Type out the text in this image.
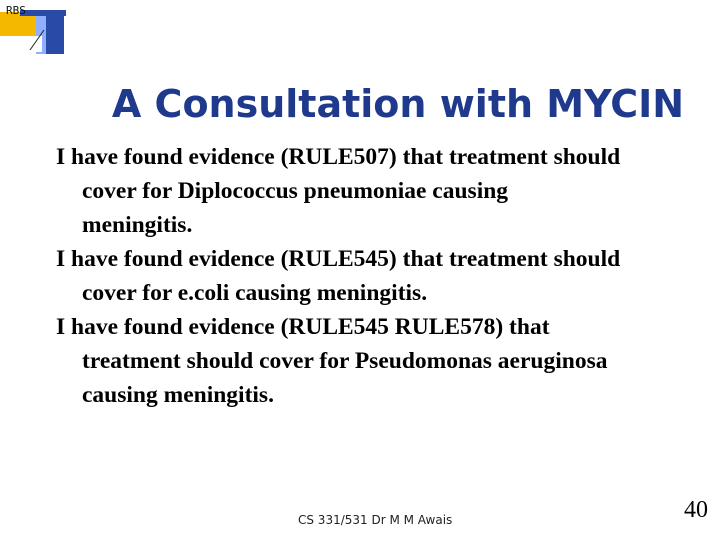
RBS
A Consultation with MYCIN
I have found evidence (RULE507) that treatment should
cover for Diplococcus pneumoniae causing
meningitis.
I have found evidence (RULE545) that treatment should
cover for e.coli causing meningitis.
I have found evidence (RULE545 RULE578) that
treatment should cover for Pseudomonas aeruginosa
causing meningitis.
CS 331/531 Dr M M Awais	40
